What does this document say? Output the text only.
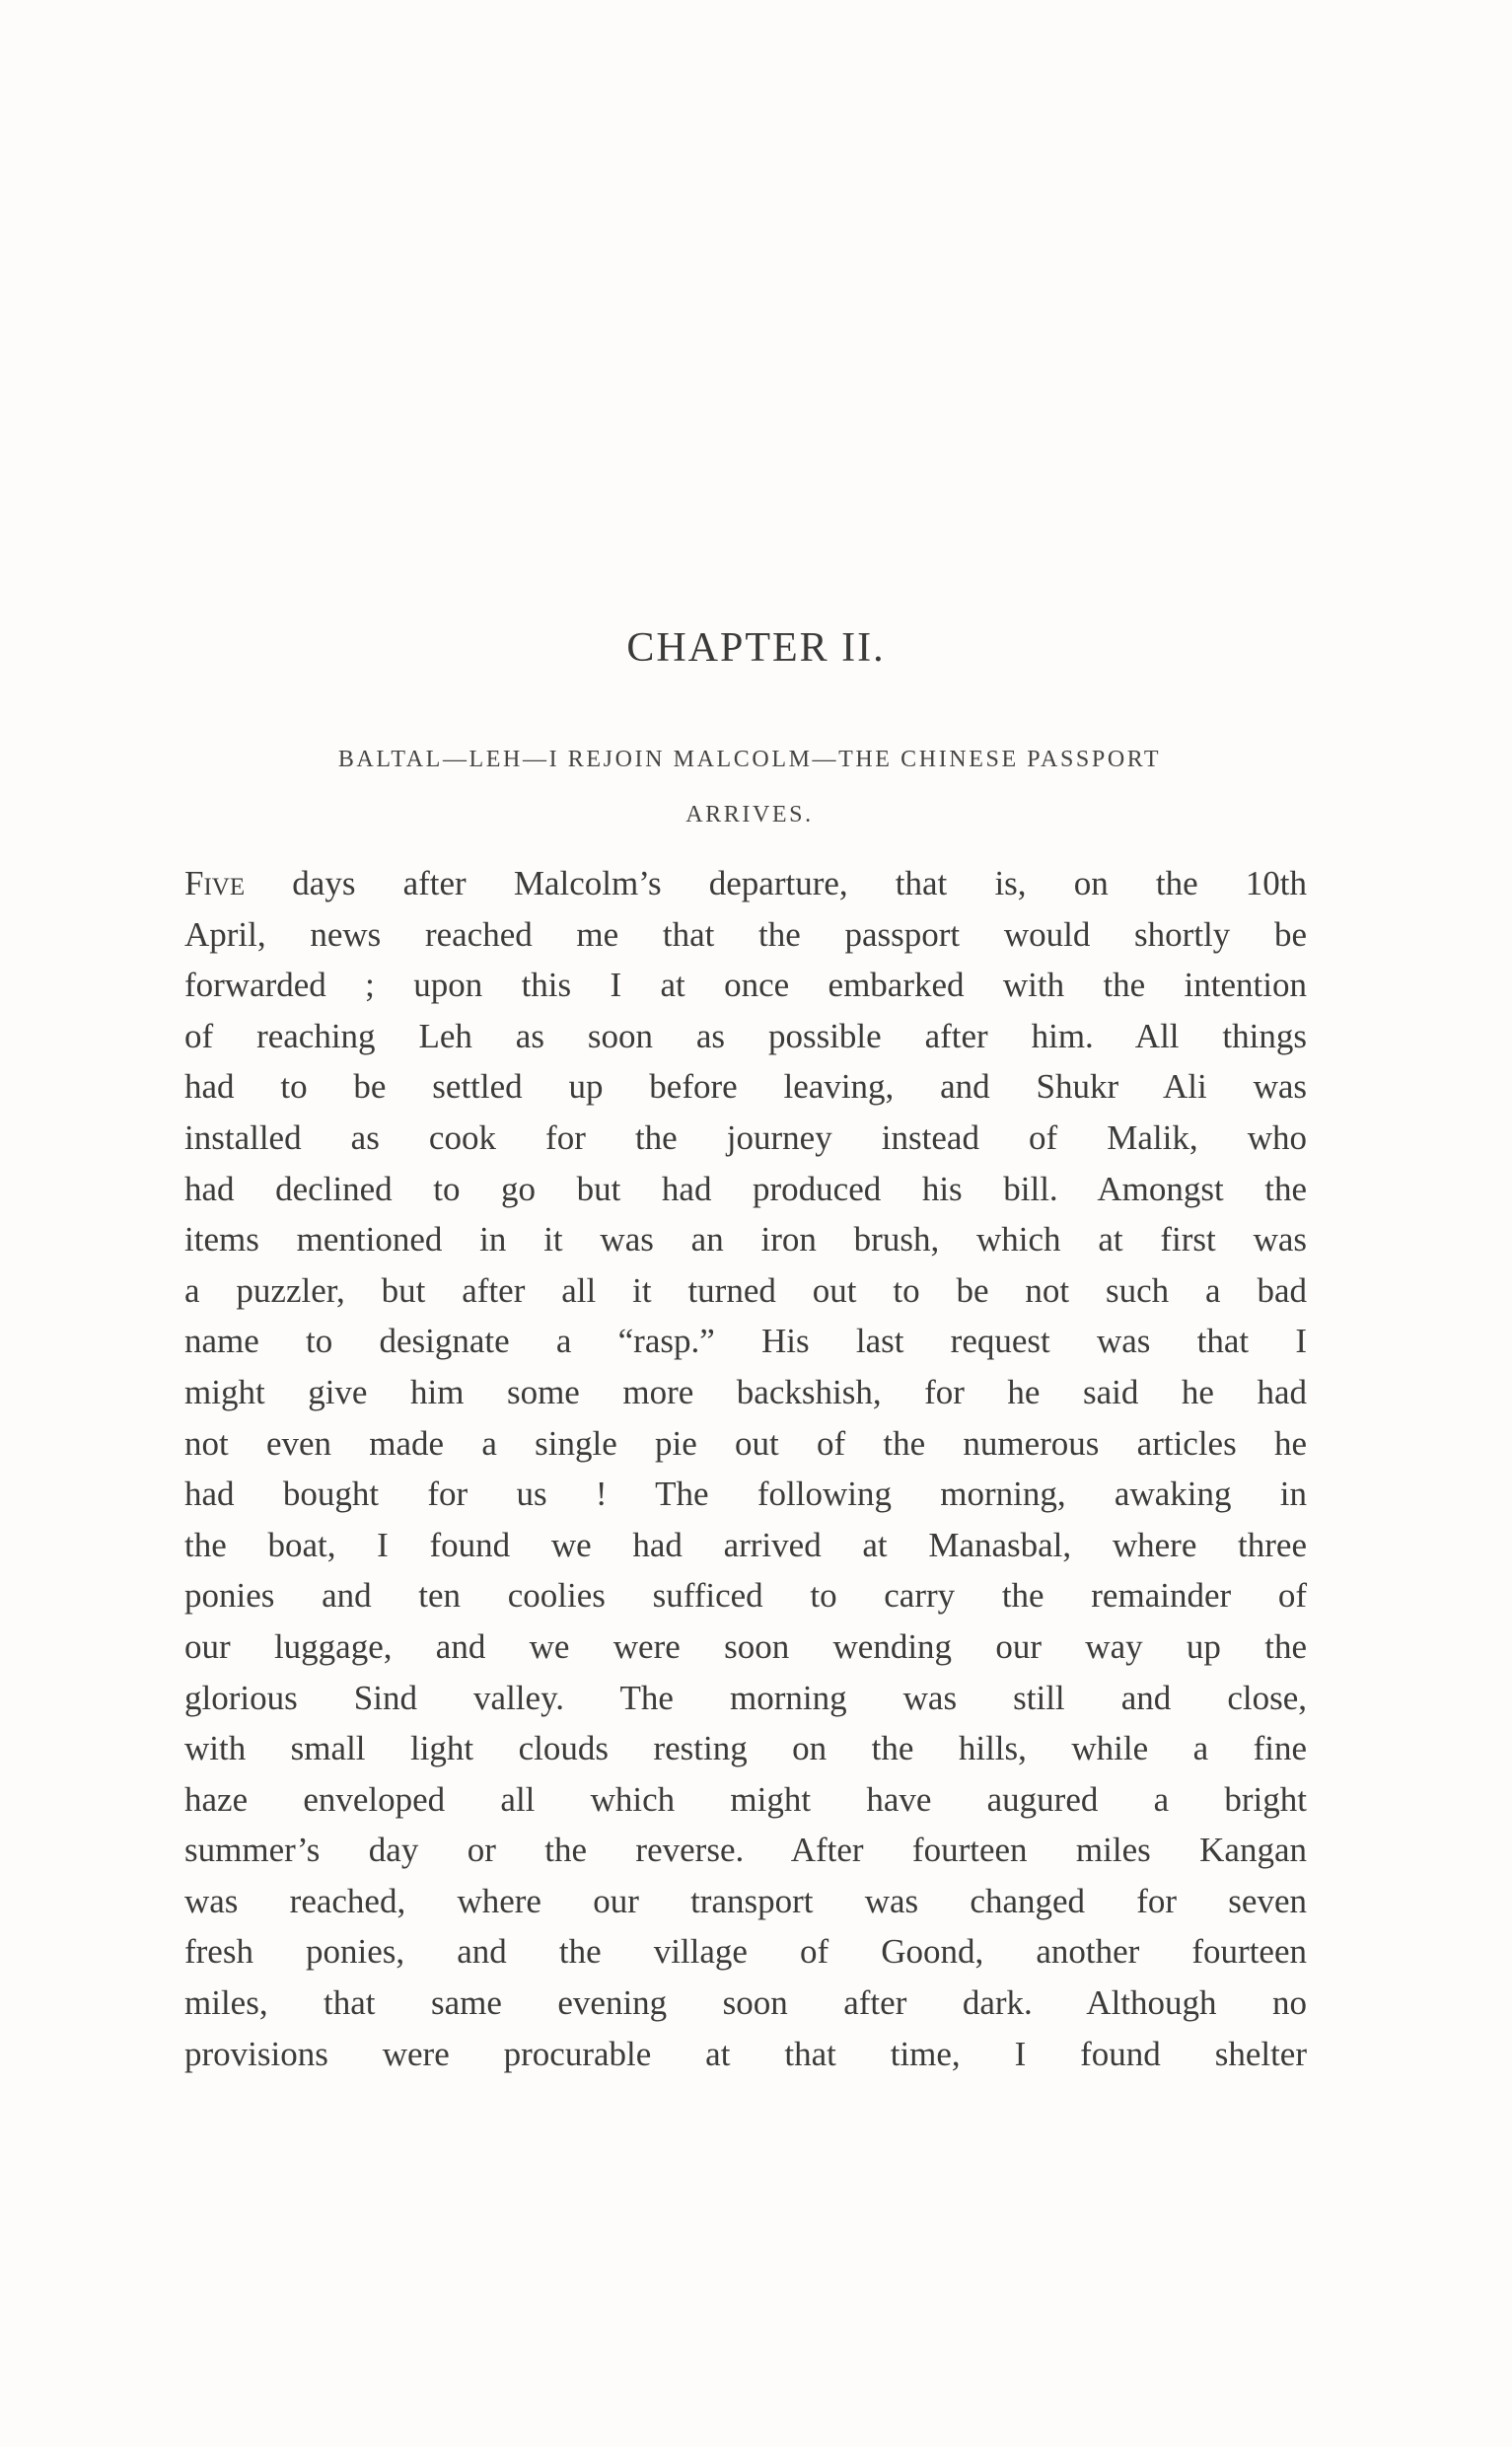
CHAPTER II.
BALTAL—LEH—I REJOIN MALCOLM—THE CHINESE PASSPORT
ARRIVES.
Five days after Malcolm’s departure, that is, on the 10th
April, news reached me that the passport would shortly be
forwarded ; upon this I at once embarked with the intention
of reaching Leh as soon as possible after him. All things
had to be settled up before leaving, and Shukr Ali was
installed as cook for the journey instead of Malik, who
had declined to go but had produced his bill. Amongst the
items mentioned in it was an iron brush, which at first was
a puzzler, but after all it turned out to be not such a bad
name to designate a “rasp.” His last request was that I
might give him some more backshish, for he said he had
not even made a single pie out of the numerous articles he
had bought for us ! The following morning, awaking in
the boat, I found we had arrived at Manasbal, where three
ponies and ten coolies sufficed to carry the remainder of
our luggage, and we were soon wending our way up the
glorious Sind valley. The morning was still and close,
with small light clouds resting on the hills, while a fine
haze enveloped all which might have augured a bright
summer’s day or the reverse. After fourteen miles Kangan
was reached, where our transport was changed for seven
fresh ponies, and the village of Goond, another fourteen
miles, that same evening soon after dark. Although no
provisions were procurable at that time, I found shelter
